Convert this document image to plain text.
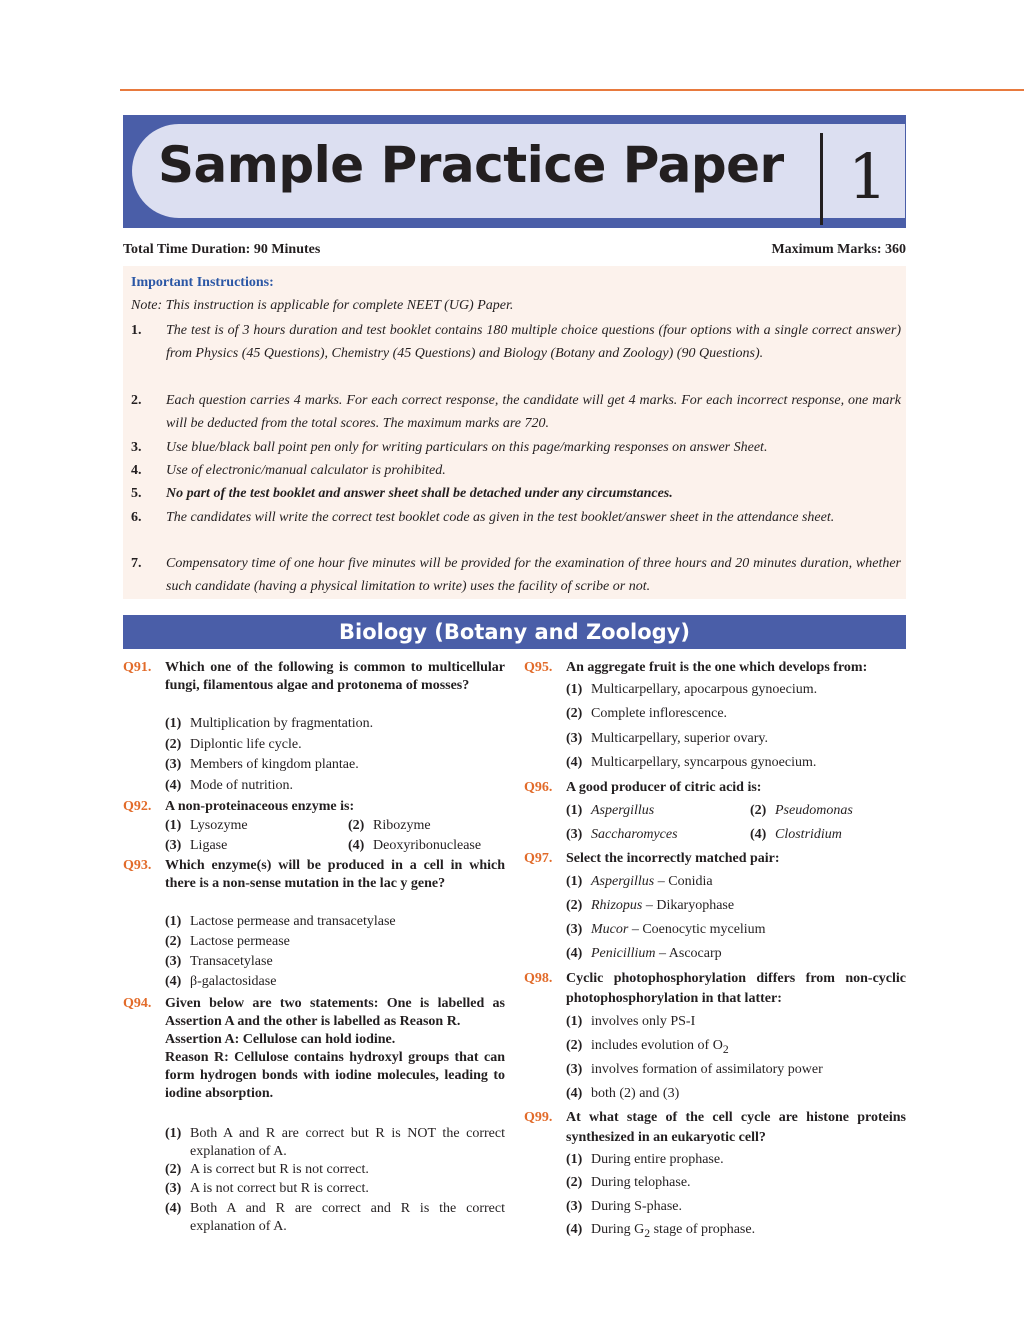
Sample Practice Paper 1
Total Time Duration: 90 Minutes	Maximum Marks: 360
Important Instructions:
Note: This instruction is applicable for complete NEET (UG) Paper.
1. The test is of 3 hours duration and test booklet contains 180 multiple choice questions (four options with a single correct answer) from Physics (45 Questions), Chemistry (45 Questions) and Biology (Botany and Zoology) (90 Questions).
2. Each question carries 4 marks. For each correct response, the candidate will get 4 marks. For each incorrect response, one mark will be deducted from the total scores. The maximum marks are 720.
3. Use blue/black ball point pen only for writing particulars on this page/marking responses on answer Sheet.
4. Use of electronic/manual calculator is prohibited.
5. No part of the test booklet and answer sheet shall be detached under any circumstances.
6. The candidates will write the correct test booklet code as given in the test booklet/answer sheet in the attendance sheet.
7. Compensatory time of one hour five minutes will be provided for the examination of three hours and 20 minutes duration, whether such candidate (having a physical limitation to write) uses the facility of scribe or not.
Biology (Botany and Zoology)
Q91. Which one of the following is common to multicellular fungi, filamentous algae and protonema of mosses?
(1) Multiplication by fragmentation.
(2) Diplontic life cycle.
(3) Members of kingdom plantae.
(4) Mode of nutrition.
Q92. A non-proteinaceous enzyme is:
(1) Lysozyme	(2) Ribozyme
(3) Ligase	(4) Deoxyribonuclease
Q93. Which enzyme(s) will be produced in a cell in which there is a non-sense mutation in the lac y gene?
(1) Lactose permease and transacetylase
(2) Lactose permease
(3) Transacetylase
(4) β-galactosidase
Q94. Given below are two statements: One is labelled as Assertion A and the other is labelled as Reason R.
Assertion A: Cellulose can hold iodine.
Reason R: Cellulose contains hydroxyl groups that can form hydrogen bonds with iodine molecules, leading to iodine absorption.
(1) Both A and R are correct but R is NOT the correct explanation of A.
(2) A is correct but R is not correct.
(3) A is not correct but R is correct.
(4) Both A and R are correct and R is the correct explanation of A.
Q95. An aggregate fruit is the one which develops from:
(1) Multicarpellary, apocarpous gynoecium.
(2) Complete inflorescence.
(3) Multicarpellary, superior ovary.
(4) Multicarpellary, syncarpous gynoecium.
Q96. A good producer of citric acid is:
(1) Aspergillus	(2) Pseudomonas
(3) Saccharomyces	(4) Clostridium
Q97. Select the incorrectly matched pair:
(1) Aspergillus – Conidia
(2) Rhizopus – Dikaryophase
(3) Mucor – Coenocytic mycelium
(4) Penicillium – Ascocarp
Q98. Cyclic photophosphorylation differs from non-cyclic photophosphorylation in that latter:
(1) involves only PS-I
(2) includes evolution of $O_2$
(3) involves formation of assimilatory power
(4) both (2) and (3)
Q99. At what stage of the cell cycle are histone proteins synthesized in an eukaryotic cell?
(1) During entire prophase.
(2) During telophase.
(3) During S-phase.
(4) During $G_2$ stage of prophase.
